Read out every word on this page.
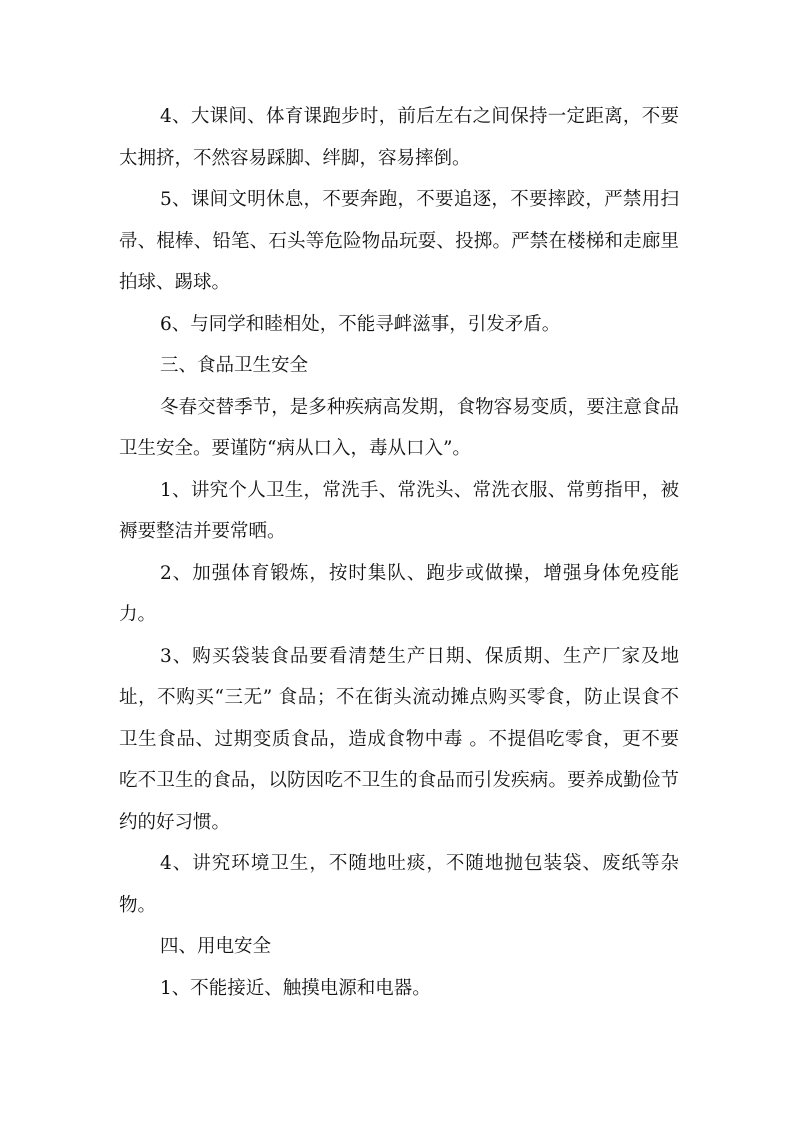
4、大课间、体育课跑步时，前后左右之间保持一定距离，不要太拥挤，不然容易踩脚、绊脚，容易摔倒。

5、课间文明休息，不要奔跑，不要追逐，不要摔跤，严禁用扫帚、棍棒、铅笔、石头等危险物品玩耍、投掷。严禁在楼梯和走廊里拍球、踢球。

6、与同学和睦相处，不能寻衅滋事，引发矛盾。

三、食品卫生安全

冬春交替季节，是多种疾病高发期，食物容易变质，要注意食品卫生安全。要谨防“病从口入，毒从口入”。

1、讲究个人卫生，常洗手、常洗头、常洗衣服、常剪指甲，被褥要整洁并要常晒。

2、加强体育锻炼，按时集队、跑步或做操，增强身体免疫能力。

3、购买袋装食品要看清楚生产日期、保质期、生产厂家及地址，不购买“三无” 食品；不在街头流动摊点购买零食，防止误食不卫生食品、过期变质食品，造成食物中毒 。不提倡吃零食，更不要吃不卫生的食品，以防因吃不卫生的食品而引发疾病。要养成勤俭节约的好习惯。

4、讲究环境卫生，不随地吐痰，不随地抛包装袋、废纸等杂物。

四、用电安全

1、不能接近、触摸电源和电器。
